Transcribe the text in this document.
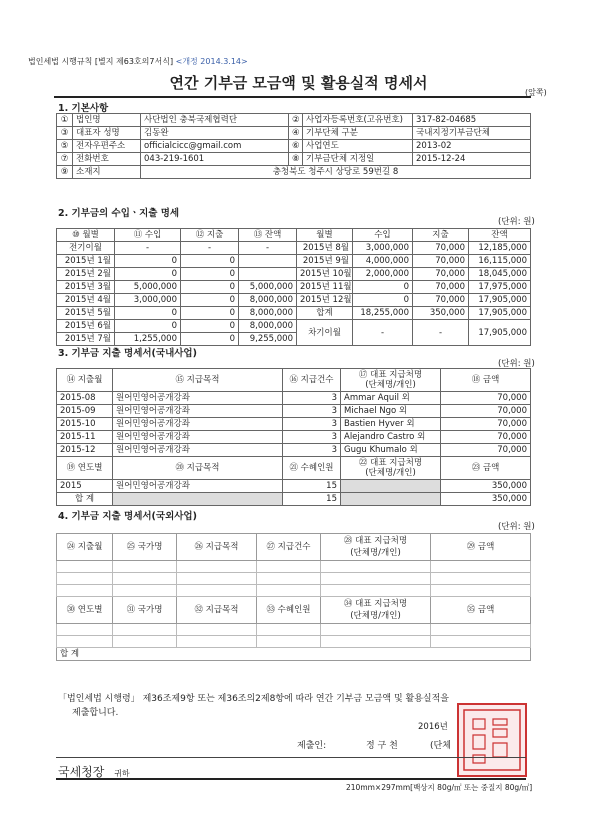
법인세법 시행규칙 [별지 제63호의7서식] <개정 2014.3.14>
연간 기부금 모금액 및 활용실적 명세서
(앞쪽)
1. 기본사항
①	법인명	사단법인 충북국제협력단	②	사업자등록번호(고유번호)	317-82-04685
③	대표자 성명	김동완	④	기부단체 구분	국내지정기부금단체
⑤	전자우편주소	officialcicc@gmail.com	⑥	사업연도	2013-02
⑦	전화번호	043-219-1601	⑧	기부금단체 지정일	2015-12-24
⑨	소재지	충청북도 청주시 상당로 59번길 8			
2. 기부금의 수입ㆍ지출 명세
(단위: 원)
⑩ 월별	⑪ 수입	⑫ 지출	⑬ 잔액	월별	수입	지출	잔액
전기이월	-	-	-	2015년 8월	3,000,000	70,000	12,185,000
2015년 1월	0	0		2015년 9월	4,000,000	70,000	16,115,000
2015년 2월	0	0		2015년 10월	2,000,000	70,000	18,045,000
2015년 3월	5,000,000	0	5,000,000	2015년 11월	0	70,000	17,975,000
2015년 4월	3,000,000	0	8,000,000	2015년 12월	0	70,000	17,905,000
2015년 5월	0	0	8,000,000	합계	18,255,000	350,000	17,905,000
2015년 6월	0	0	8,000,000	차기이월	-	-	17,905,000
2015년 7월	1,255,000	0	9,255,000				
3. 기부금 지출 명세서(국내사업)
(단위: 원)
⑭ 지출월	⑮ 지급목적	⑯ 지급건수	⑰ 대표 지급처명
(단체명/개인)	⑱ 금액
2015-08	원어민영어공개강좌	3	Ammar Aquil 외	70,000
2015-09	원어민영어공개강좌	3	Michael Ngo 외	70,000
2015-10	원어민영어공개강좌	3	Bastien Hyver 외	70,000
2015-11	원어민영어공개강좌	3	Alejandro Castro 외	70,000
2015-12	원어민영어공개강좌	3	Gugu Khumalo 외	70,000
⑲ 연도별	⑳ 지급목적	㉑ 수혜인원	㉒ 대표 지급처명
(단체명/개인)	㉓ 금액
2015	원어민영어공개강좌	15		350,000
합 계		15		350,000
4. 기부금 지출 명세서(국외사업)
(단위: 원)
㉔ 지출월	㉕ 국가명	㉖ 지급목적	㉗ 지급건수	㉘ 대표 지급처명
(단체명/개인)	㉙ 금액

㉚ 연도별	㉛ 국가명	㉜ 지급목적	㉝ 수혜인원	㉞ 대표 지급처명
(단체명/개인)	㉟ 금액

합 계					
「법인세법 시행령」 제36조제9항 또는 제36조의2제8항에 따라 연간 기부금 모금액 및 활용실적을
제출합니다.
2016년
제출인:	정 구 천	(단체
국세청장 귀하
210mm×297mm[백상지 80g/㎡ 또는 중질지 80g/㎡]
